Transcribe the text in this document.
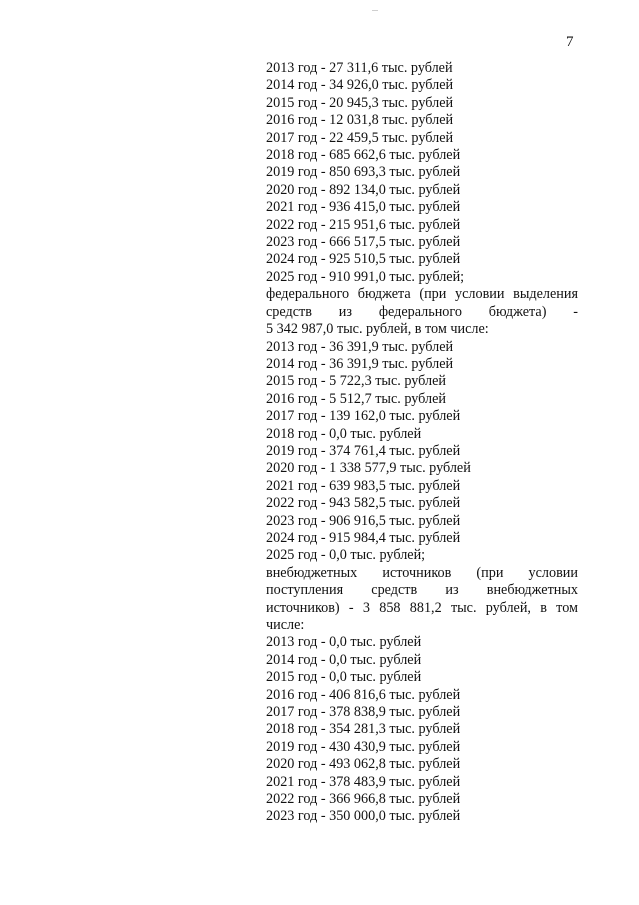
7
2013 год - 27 311,6 тыс. рублей
2014 год - 34 926,0 тыс. рублей
2015 год - 20 945,3 тыс. рублей
2016 год - 12 031,8 тыс. рублей
2017 год - 22 459,5 тыс. рублей
2018 год - 685 662,6 тыс. рублей
2019 год - 850 693,3 тыс. рублей
2020 год - 892 134,0 тыс. рублей
2021 год - 936 415,0 тыс. рублей
2022 год - 215 951,6 тыс. рублей
2023 год - 666 517,5 тыс. рублей
2024 год - 925 510,5 тыс. рублей
2025 год - 910 991,0 тыс. рублей;
федерального бюджета (при условии выделения
средств из федерального бюджета) -
5 342 987,0 тыс. рублей, в том числе:
2013 год - 36 391,9 тыс. рублей
2014 год - 36 391,9 тыс. рублей
2015 год - 5 722,3 тыс. рублей
2016 год - 5 512,7 тыс. рублей
2017 год - 139 162,0 тыс. рублей
2018 год - 0,0 тыс. рублей
2019 год - 374 761,4 тыс. рублей
2020 год - 1 338 577,9 тыс. рублей
2021 год - 639 983,5 тыс. рублей
2022 год - 943 582,5 тыс. рублей
2023 год - 906 916,5 тыс. рублей
2024 год - 915 984,4 тыс. рублей
2025 год - 0,0 тыс. рублей;
внебюджетных источников (при условии
поступления средств из внебюджетных
источников) - 3 858 881,2 тыс. рублей, в том
числе:
2013 год - 0,0 тыс. рублей
2014 год - 0,0 тыс. рублей
2015 год - 0,0 тыс. рублей
2016 год - 406 816,6 тыс. рублей
2017 год - 378 838,9 тыс. рублей
2018 год - 354 281,3 тыс. рублей
2019 год - 430 430,9 тыс. рублей
2020 год - 493 062,8 тыс. рублей
2021 год - 378 483,9 тыс. рублей
2022 год - 366 966,8 тыс. рублей
2023 год - 350 000,0 тыс. рублей
